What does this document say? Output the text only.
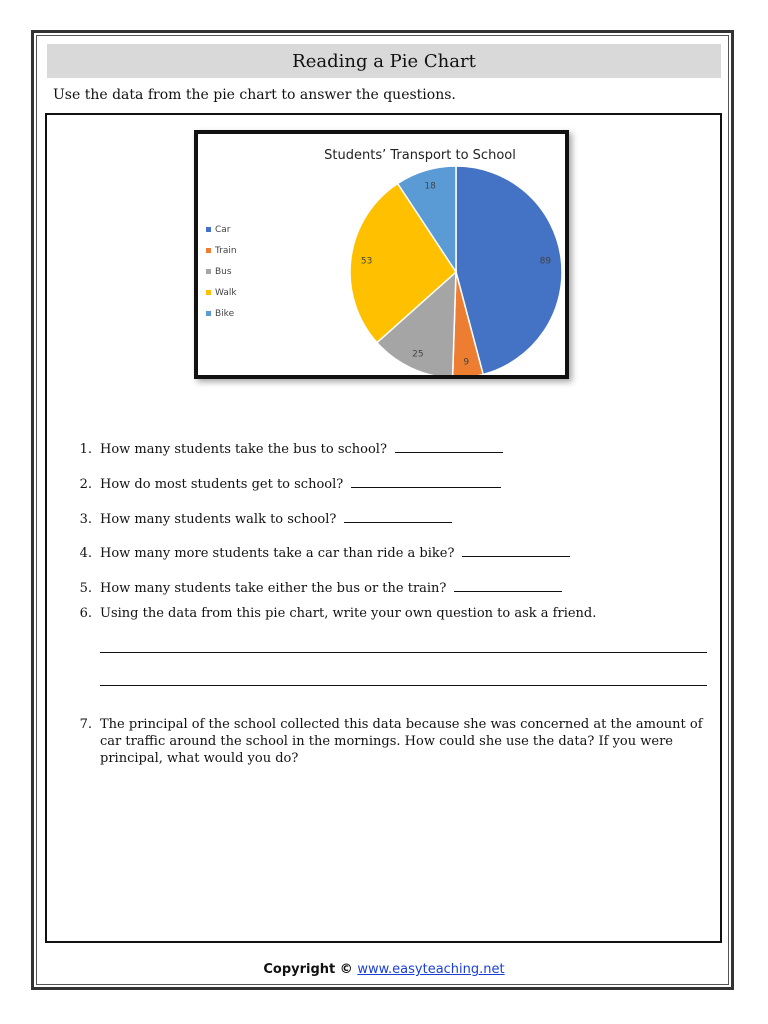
Reading a Pie Chart
Use the data from the pie chart to answer the questions.
Students’ Transport to School
89
9
25
53
18
Car
Train
Bus
Walk
Bike
1. How many students take the bus to school?
2. How do most students get to school?
3. How many students walk to school?
4. How many more students take a car than ride a bike?
5. How many students take either the bus or the train?
6. Using the data from this pie chart, write your own question to ask a friend.
7. The principal of the school collected this data because she was concerned at the amount of car traffic around the school in the mornings. How could she use the data? If you were principal, what would you do?
Copyright © www.easyteaching.net
